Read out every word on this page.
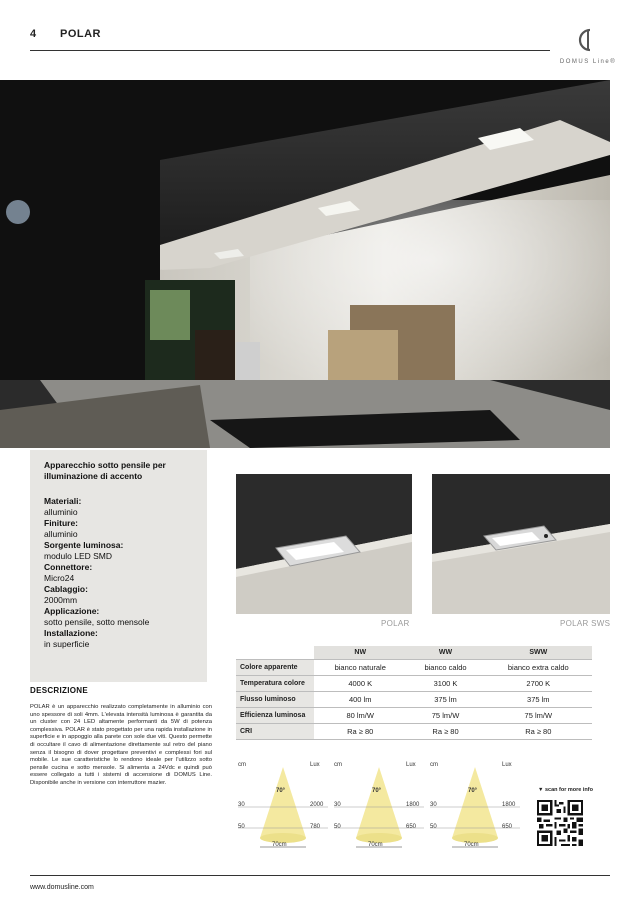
4 POLAR
DOMUS Line®
Apparecchio sotto pensile per illuminazione di accento
Materiali:
alluminio
Finiture:
alluminio
Sorgente luminosa:
modulo LED SMD
Connettore:
Micro24
Cablaggio:
2000mm
Applicazione:
sotto pensile, sotto mensole
Installazione:
in superficie
DESCRIZIONE
POLAR è un apparecchio realizzato completamente in alluminio con uno spessore di soli 4mm. L'elevata intensità luminosa è garantita da un cluster con 24 LED altamente performanti da 5W di potenza complessiva. POLAR è stato progettato per una rapida installazione in superficie e in appoggio alla parete con sole due viti. Questo permette di occultare il cavo di alimentazione direttamente sul retro del piano senza il bisogno di dover progettare preventivi e complessi fori sul mobile. Le sue caratteristiche lo rendono ideale per l'utilizzo sotto pensile cucina e sotto mensole. Si alimenta a 24Vdc e quindi può essere collegato a tutti i sistemi di accensione di DOMUS Line. Disponibile anche in versione con interruttore mazier.
POLAR	POLAR SWS
	NW	WW	SWW
Colore apparente	bianco naturale	bianco caldo	bianco extra caldo
Temperatura colore	4000 K	3100 K	2700 K
Flusso luminoso	400 lm	375 lm	375 lm
Efficienza luminosa	80 lm/W	75 lm/W	75 lm/W
CRI	Ra ≥ 80	Ra ≥ 80	Ra ≥ 80
cm	Lux
70°
30	2000
50	780
70cm
cm	Lux
70°
30	1800
50	650
70cm
cm	Lux
70°
30	1800
50	650
70cm
▼ scan for more info
www.domusline.com
